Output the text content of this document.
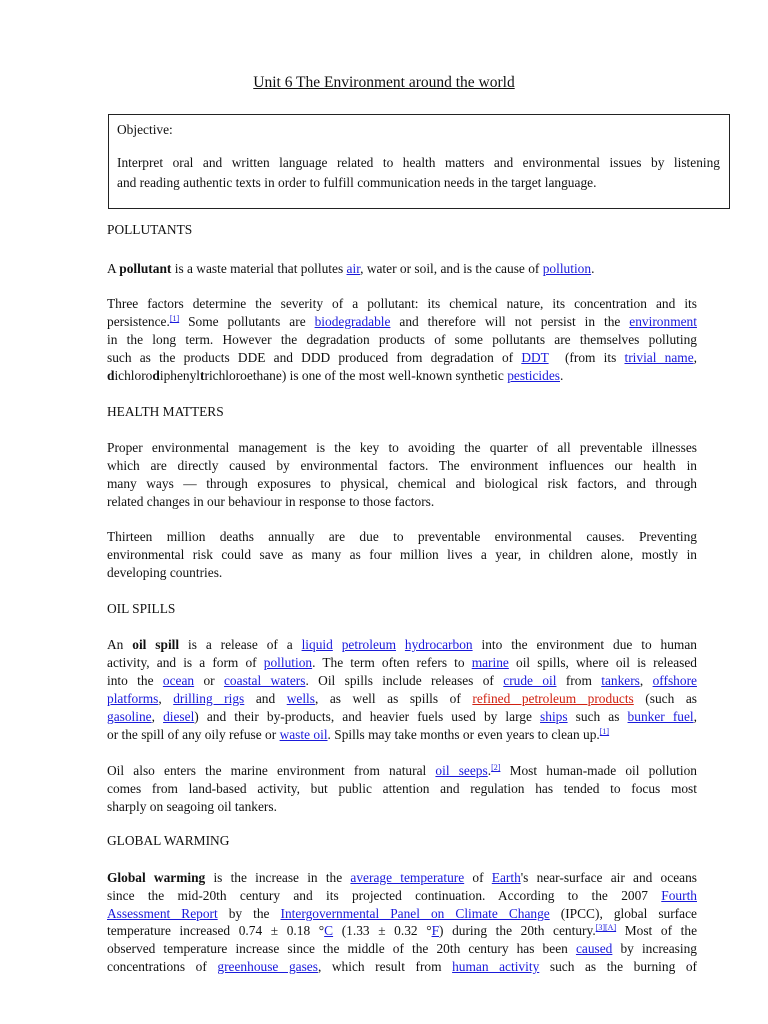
Unit 6 The Environment around the world
Objective:
Interpret oral and written language related to health matters and environmental issues by listening
and reading authentic texts in order to fulfill communication needs in the target language.
POLLUTANTS
A pollutant is a waste material that pollutes air, water or soil, and is the cause of pollution.
Three factors determine the severity of a pollutant: its chemical nature, its concentration and its
persistence.[1] Some pollutants are biodegradable and therefore will not persist in the environment
in the long term. However the degradation products of some pollutants are themselves polluting
such as the products DDE and DDD produced from degradation of DDT  (from its trivial name,
dichlorodiphenyltrichloroethane) is one of the most well-known synthetic pesticides.
HEALTH MATTERS
Proper environmental management is the key to avoiding the quarter of all preventable illnesses
which are directly caused by environmental factors. The environment influences our health in
many ways — through exposures to physical, chemical and biological risk factors, and through
related changes in our behaviour in response to those factors.
Thirteen million deaths annually are due to preventable environmental causes. Preventing
environmental risk could save as many as four million lives a year, in children alone, mostly in
developing countries.
OIL SPILLS
An oil spill is a release of a liquid petroleum hydrocarbon into the environment due to human
activity, and is a form of pollution. The term often refers to marine oil spills, where oil is released
into the ocean or coastal waters. Oil spills include releases of crude oil from tankers, offshore
platforms, drilling rigs and wells, as well as spills of refined petroleum products (such as
gasoline, diesel) and their by-products, and heavier fuels used by large ships such as bunker fuel,
or the spill of any oily refuse or waste oil. Spills may take months or even years to clean up.[1]
Oil also enters the marine environment from natural oil seeps.[2] Most human-made oil pollution
comes from land-based activity, but public attention and regulation has tended to focus most
sharply on seagoing oil tankers.
GLOBAL WARMING
Global warming is the increase in the average temperature of Earth's near-surface air and oceans
since the mid-20th century and its projected continuation. According to the 2007 Fourth
Assessment Report by the Intergovernmental Panel on Climate Change (IPCC), global surface
temperature increased 0.74 ± 0.18 °C (1.33 ± 0.32 °F) during the 20th century.[3][A] Most of the
observed temperature increase since the middle of the 20th century has been caused by increasing
concentrations of greenhouse gases, which result from human activity such as the burning of
